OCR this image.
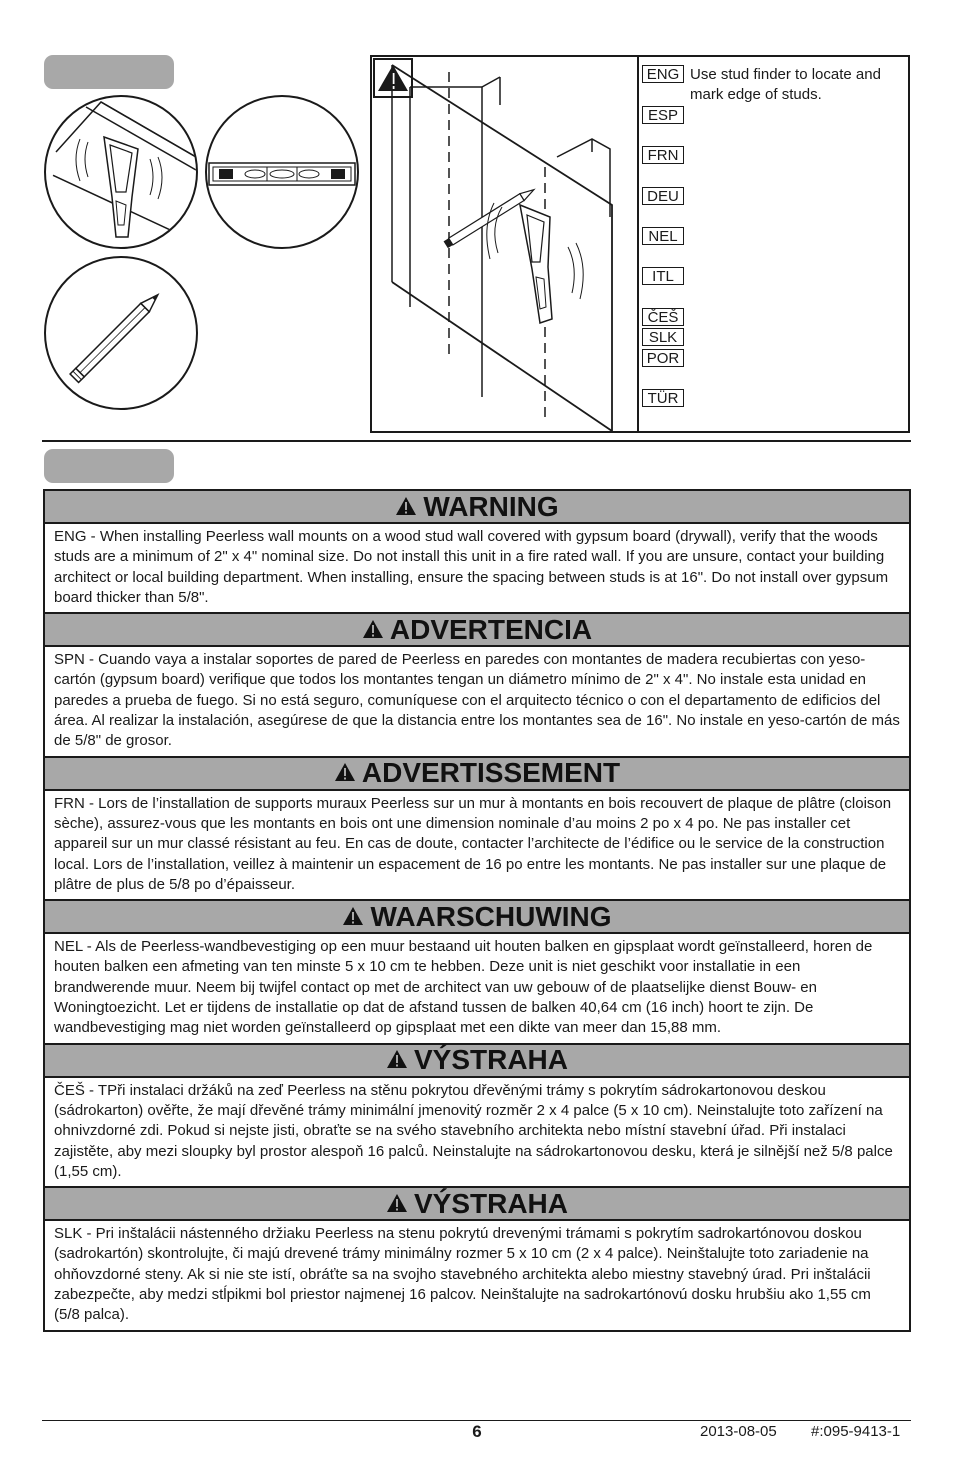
ENG
ESP
FRN
DEU
NEL
ITL
ČEŠ
SLK
POR
TÜR
Use stud finder to locate and mark edge of studs.
WARNING
ENG - When installing Peerless wall mounts on a wood stud wall covered with gypsum board (drywall), verify that the woods studs are a minimum of 2" x 4" nominal size. Do not install this unit in a fire rated wall. If you are unsure, contact your building architect or local building department. When installing, ensure the spacing between studs is at 16". Do not install over gypsum board thicker than 5/8".
ADVERTENCIA
SPN - Cuando vaya a instalar soportes de pared de Peerless en paredes con montantes de madera recubiertas con yeso-cartón (gypsum board) verifique que todos los montantes tengan un diámetro mínimo de 2" x 4". No instale esta unidad en paredes a prueba de fuego. Si no está seguro, comuníquese con el arquitecto técnico o con el departamento de edificios del área. Al realizar la instalación, asegúrese de que la distancia entre los montantes sea de 16". No instale en yeso-cartón de más de 5/8" de grosor.
ADVERTISSEMENT
FRN - Lors de l’installation de supports muraux Peerless sur un mur à montants en bois recouvert de plaque de plâtre (cloison sèche), assurez-vous que les montants en bois ont une dimension nominale d’au moins 2 po x 4 po. Ne pas installer cet appareil sur un mur classé résistant au feu. En cas de doute, contacter l’architecte de l’édifice ou le service de la construction local. Lors de l’installation, veillez à maintenir un espacement de 16 po entre les montants. Ne pas installer sur une plaque de plâtre de plus de 5/8 po d’épaisseur.
WAARSCHUWING
NEL - Als de Peerless-wandbevestiging op een muur bestaand uit houten balken en gipsplaat wordt geïnstalleerd, horen de houten balken een afmeting van ten minste 5 x 10 cm te hebben. Deze unit is niet geschikt voor installatie in een brandwerende muur. Neem bij twijfel contact op met de architect van uw gebouw of de plaatselijke dienst Bouw- en Woningtoezicht. Let er tijdens de installatie op dat de afstand tussen de balken 40,64 cm (16 inch) hoort te zijn. De wandbevestiging mag niet worden geïnstalleerd op gipsplaat met een dikte van meer dan 15,88 mm.
VÝSTRAHA
ČEŠ - TPři instalaci držáků na zeď Peerless na stěnu pokrytou dřevěnými trámy s pokrytím sádrokartonovou deskou (sádrokarton) ověřte, že mají dřevěné trámy minimální jmenovitý rozměr 2 x 4 palce (5 x 10 cm). Neinstalujte toto zařízení na ohnivzdorné zdi. Pokud si nejste jisti, obraťte se na svého stavebního architekta nebo místní stavební úřad. Při instalaci zajistěte, aby mezi sloupky byl prostor alespoň 16 palců. Neinstalujte na sádrokartonovou desku, která je silnější než 5/8 palce (1,55 cm).
VÝSTRAHA
SLK - Pri inštalácii nástenného držiaku Peerless na stenu pokrytú drevenými trámami s pokrytím sadrokartónovou doskou (sadrokartón) skontrolujte, či majú drevené trámy minimálny rozmer 5 x 10 cm (2 x 4 palce). Neinštalujte toto zariadenie na ohňovzdorné steny. Ak si nie ste istí, obráťte sa na svojho stavebného architekta alebo miestny stavebný úrad. Pri inštalácii zabezpečte, aby medzi stĺpikmi bol priestor najmenej 16 palcov. Neinštalujte na sadrokartónovú dosku hrubšiu ako 1,55 cm (5/8 palca).
6	2013-08-05 #:095-9413-1
